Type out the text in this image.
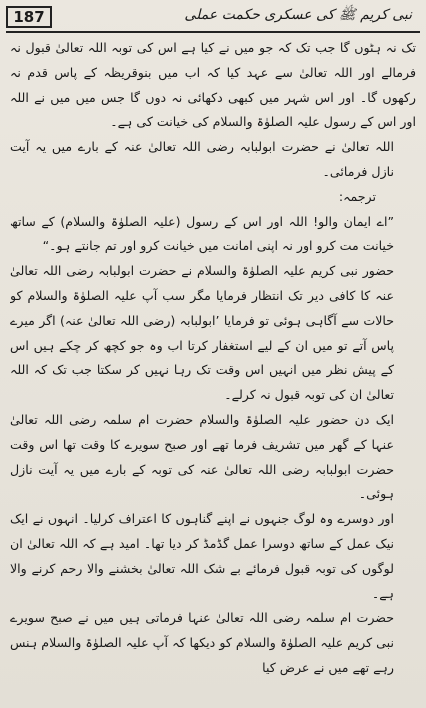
187	نبی کریم ﷺ کی عسکری حکمت عملی

تک نہ ہٹوں گا جب تک کہ جو میں نے کیا ہے اس کی توبہ اللہ تعالیٰ قبول نہ فرمالے اور اللہ تعالیٰ سے عہد کیا کہ اب میں بنوقریظہ کے پاس قدم نہ رکھوں گا۔ اور اس شہر میں کبھی دکھائی نہ دوں گا جس میں میں نے اللہ اور اس کے رسول علیہ الصلوٰۃ والسلام کی خیانت کی ہے۔

اللہ تعالیٰ نے حضرت ابولبابہ رضی اللہ تعالیٰ عنہ کے بارے میں یہ آیت نازل فرمائی۔

ترجمہ:

”اے ایمان والو! اللہ اور اس کے رسول (علیہ الصلوٰۃ والسلام) کے ساتھ خیانت مت کرو اور نہ اپنی امانت میں خیانت کرو اور تم جانتے ہو۔“

حضور نبی کریم علیہ الصلوٰۃ والسلام نے حضرت ابولبابہ رضی اللہ تعالیٰ عنہ کا کافی دیر تک انتظار فرمایا مگر سب آپ علیہ الصلوٰۃ والسلام کو حالات سے آگاہی ہوئی تو فرمایا ’ابولبابہ (رضی اللہ تعالیٰ عنہ) اگر میرے پاس آتے تو میں ان کے لیے استغفار کرتا اب وہ جو کچھ کر چکے ہیں اس کے پیش نظر میں انہیں اس وقت تک رہا نہیں کر سکتا جب تک کہ اللہ تعالیٰ ان کی توبہ قبول نہ کرلے۔

ایک دن حضور علیہ الصلوٰۃ والسلام حضرت ام سلمہ رضی اللہ تعالیٰ عنہا کے گھر میں تشریف فرما تھے اور صبح سویرے کا وقت تھا اس وقت حضرت ابولبابہ رضی اللہ تعالیٰ عنہ کی توبہ کے بارے میں یہ آیت نازل ہوئی۔

اور دوسرے وہ لوگ جنہوں نے اپنے گناہوں کا اعتراف کرلیا۔ انہوں نے ایک نیک عمل کے ساتھ دوسرا عمل گڈمڈ کر دیا تھا۔ امید ہے کہ اللہ تعالیٰ ان لوگوں کی توبہ قبول فرمائے بے شک اللہ تعالیٰ بخشنے والا رحم کرنے والا ہے۔

حضرت ام سلمہ رضی اللہ تعالیٰ عنہا فرماتی ہیں میں نے صبح سویرے نبی کریم علیہ الصلوٰۃ والسلام کو دیکھا کہ آپ علیہ الصلوٰۃ والسلام ہنس رہے تھے میں نے عرض کیا
